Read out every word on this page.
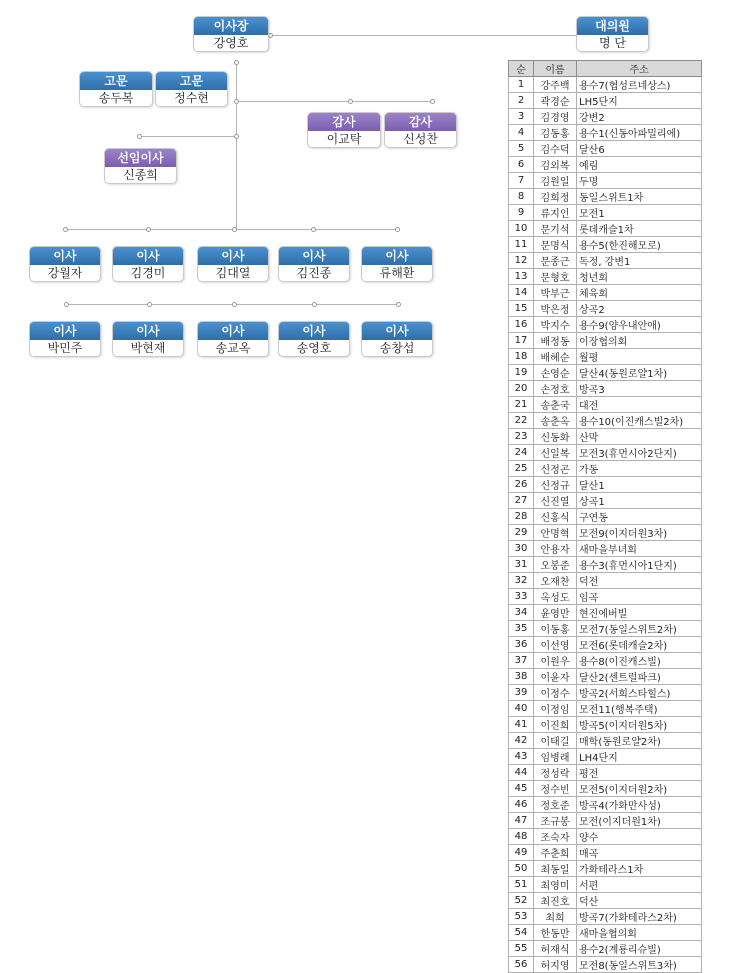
이사장
강영호
대의원
명 단
고문
송두복
고문
정수현
감사
이교탁
감사
신성찬
선임이사
신종희
이사
강월자
이사
김경미
이사
김대열
이사
김진종
이사
류해환
이사
박민주
이사
박현재
이사
송교옥
이사
송영호
이사
송창섭
순	이름	주소
1	강주백	용수7(협성르네상스)
2	곽경순	LH5단지
3	김경영	강변2
4	김동홍	용수1(신동아파밀리에)
5	김수덕	달산6
6	김외복	예림
7	김원일	두명
8	김희정	동일스위트1차
9	류지인	모전1
10	문기석	롯데캐슬1차
11	문명식	용수5(한진해모로)
12	문종근	독정, 강변1
13	문형호	청년회
14	박부근	체육회
15	박은정	상곡2
16	박지수	용수9(양우내안애)
17	배정동	이장협의회
18	배혜순	월평
19	손영순	달산4(동원로얄1차)
20	손정호	방곡3
21	송춘국	대전
22	송춘옥	용수10(이진캐스빌2차)
23	신동화	산막
24	신일복	모전3(휴먼시아2단지)
25	신정곤	가동
26	신정규	달산1
27	신진열	상곡1
28	신홍식	구연동
29	안명혁	모전9(이지더원3차)
30	안용자	새마을부녀회
31	오봉준	용수3(휴먼시아1단지)
32	오재찬	덕전
33	옥성도	임곡
34	윤영만	현진에버빌
35	이동홍	모전7(동일스위트2차)
36	이선영	모전6(롯데캐슬2차)
37	이원우	용수8(이진캐스빌)
38	이윤자	달산2(센트럴파크)
39	이정수	방곡2(서희스타힐스)
40	이정임	모전11(행복주택)
41	이진희	방곡5(이지더원5차)
42	이태길	매학(동원로얄2차)
43	임병래	LH4단지
44	정성락	평전
45	정수빈	모전5(이지더원2차)
46	정호준	방곡4(가화만사성)
47	조규봉	모전(이지더원1차)
48	조숙자	양수
49	주춘희	매곡
50	최동일	가화테라스1차
51	최영미	서편
52	최진호	덕산
53	최희	방곡7(가화테라스2차)
54	한동만	새마을협의회
55	허재식	용수2(계룡리슈빌)
56	허지영	모전8(동일스위트3차)
